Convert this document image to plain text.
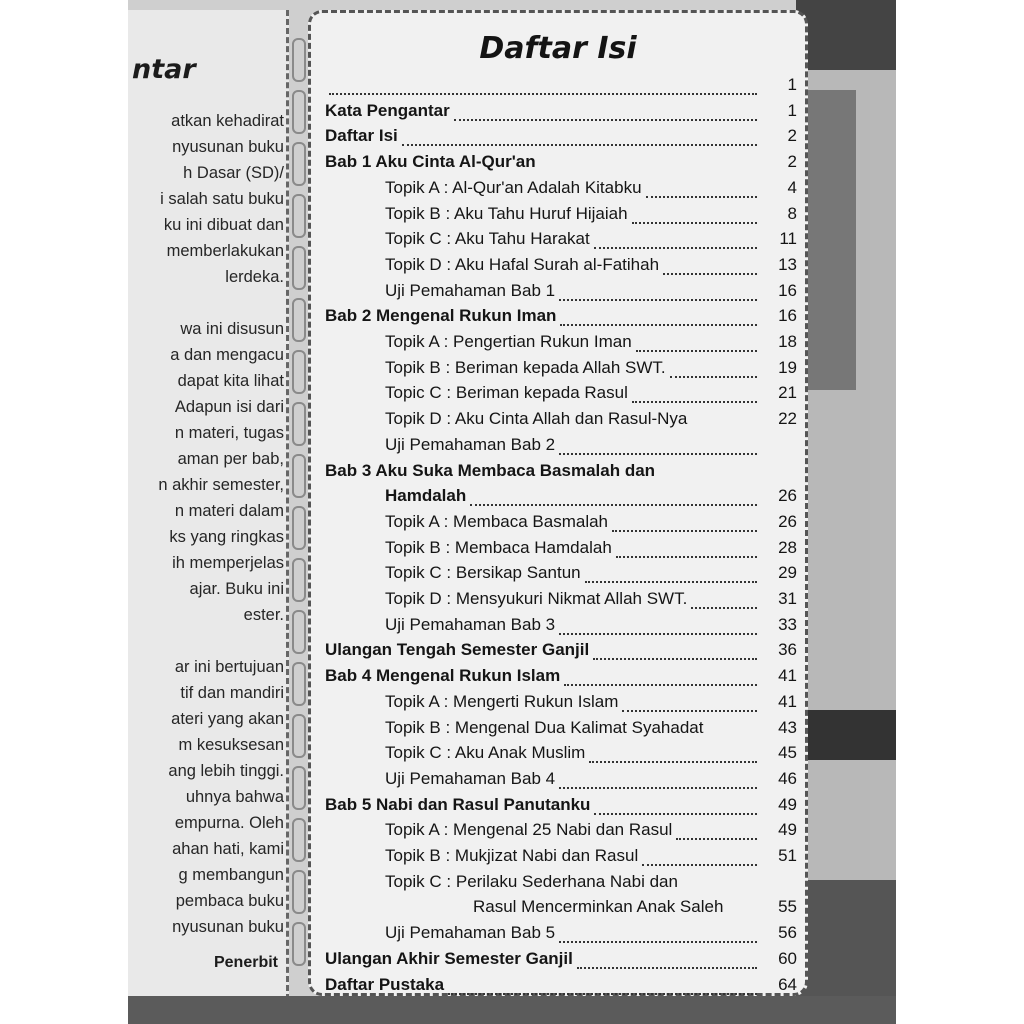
ntar
atkan kehadirat
nyusunan buku
h Dasar (SD)/
i salah satu buku
ku ini dibuat dan
memberlakukan
lerdeka.
wa ini disusun
a dan mengacu
dapat kita lihat
Adapun isi dari
n materi, tugas
aman per bab,
n akhir semester,
n materi dalam
ks yang ringkas
ih memperjelas
ajar. Buku ini
ester.
ar ini bertujuan
tif dan mandiri
ateri yang akan
m kesuksesan
ang lebih tinggi.
uhnya bahwa
empurna. Oleh
ahan hati, kami
g membangun
pembaca buku
nyusunan buku
Penerbit
Daftar Isi
1
Kata Pengantar	1
Daftar Isi	2
Bab 1 Aku Cinta Al-Qur'an	2
Topik A : Al-Qur'an Adalah Kitabku	4
Topik B : Aku Tahu Huruf Hijaiah	8
Topik C : Aku Tahu Harakat	11
Topik D : Aku Hafal Surah al-Fatihah	13
Uji Pemahaman Bab 1	16
Bab 2 Mengenal Rukun Iman	16
Topik A : Pengertian Rukun Iman	18
Topik B : Beriman kepada Allah SWT.	19
Topic C : Beriman kepada Rasul	21
Topik D : Aku Cinta Allah dan Rasul-Nya	22
Uji Pemahaman Bab 2
Bab 3 Aku Suka Membaca Basmalah dan
Hamdalah	26
Topik A : Membaca Basmalah	26
Topik B : Membaca Hamdalah	28
Topik C : Bersikap Santun	29
Topik D : Mensyukuri Nikmat Allah SWT.	31
Uji Pemahaman Bab 3	33
Ulangan Tengah Semester Ganjil	36
Bab 4 Mengenal Rukun Islam	41
Topik A : Mengerti Rukun Islam	41
Topik B : Mengenal Dua Kalimat Syahadat	43
Topik C : Aku Anak Muslim	45
Uji Pemahaman Bab 4	46
Bab 5 Nabi dan Rasul Panutanku	49
Topik A : Mengenal 25 Nabi dan Rasul	49
Topik B : Mukjizat Nabi dan Rasul	51
Topik C : Perilaku Sederhana Nabi dan
Rasul Mencerminkan Anak Saleh	55
Uji Pemahaman Bab 5	56
Ulangan Akhir Semester Ganjil	60
Daftar Pustaka	64
